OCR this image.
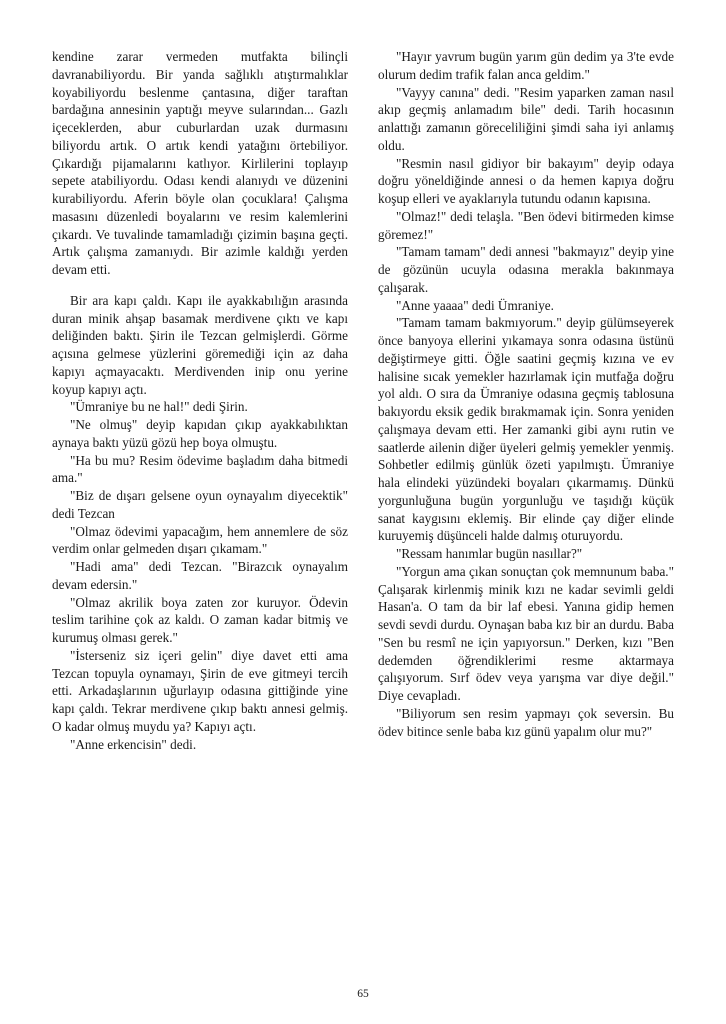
kendine zarar vermeden mutfakta bilinçli davranabiliyordu. Bir yanda sağlıklı atıştırmalıklar koyabiliyordu beslenme çantasına, diğer taraftan bardağına annesinin yaptığı meyve sularından... Gazlı içeceklerden, abur cuburlardan uzak durmasını biliyordu artık. O artık kendi yatağını örtebiliyor. Çıkardığı pijamalarını katlıyor. Kirlilerini toplayıp sepete atabiliyordu. Odası kendi alanıydı ve düzenini kurabiliyordu. Aferin böyle olan çocuklara! Çalışma masasını düzenledi boyalarını ve resim kalemlerini çıkardı. Ve tuvalinde tamamladığı çizimin başına geçti. Artık çalışma zamanıydı. Bir azimle kaldığı yerden devam etti.

Bir ara kapı çaldı. Kapı ile ayakkabılığın arasında duran minik ahşap basamak merdivene çıktı ve kapı deliğinden baktı. Şirin ile Tezcan gelmişlerdi. Görme açısına gelmese yüzlerini göremediği için az daha kapıyı açmayacaktı. Merdivenden inip onu yerine koyup kapıyı açtı.

"Ümraniye bu ne hal!" dedi Şirin.

"Ne olmuş" deyip kapıdan çıkıp ayakkabılıktan aynaya baktı yüzü gözü hep boya olmuştu.

"Ha bu mu? Resim ödevime başladım daha bitmedi ama."

"Biz de dışarı gelsene oyun oynayalım diyecektik" dedi Tezcan

"Olmaz ödevimi yapacağım, hem annemlere de söz verdim onlar gelmeden dışarı çıkamam."

"Hadi ama" dedi Tezcan. "Birazcık oynayalım devam edersin."

"Olmaz akrilik boya zaten zor kuruyor. Ödevin teslim tarihine çok az kaldı. O zaman kadar bitmiş ve kurumuş olması gerek."

"İsterseniz siz içeri gelin" diye davet etti ama Tezcan topuyla oynamayı, Şirin de eve gitmeyi tercih etti. Arkadaşlarının uğurlayıp odasına gittiğinde yine kapı çaldı. Tekrar merdivene çıkıp baktı annesi gelmiş. O kadar olmuş muydu ya? Kapıyı açtı.

"Anne erkencisin" dedi.

"Hayır yavrum bugün yarım gün dedim ya 3'te evde olurum dedim trafik falan anca geldim."

"Vayyy canına" dedi. "Resim yaparken zaman nasıl akıp geçmiş anlamadım bile" dedi. Tarih hocasının anlattığı zamanın göreceliliğini şimdi saha iyi anlamış oldu.

"Resmin nasıl gidiyor bir bakayım" deyip odaya doğru yöneldiğinde annesi o da hemen kapıya doğru koşup elleri ve ayaklarıyla tutundu odanın kapısına.

"Olmaz!" dedi telaşla. "Ben ödevi bitirmeden kimse göremez!"

"Tamam tamam" dedi annesi "bakmayız" deyip yine de gözünün ucuyla odasına merakla bakınmaya çalışarak.

"Anne yaaaa" dedi Ümraniye.

"Tamam tamam bakmıyorum." deyip gülümseyerek önce banyoya ellerini yıkamaya sonra odasına üstünü değiştirmeye gitti. Öğle saatini geçmiş kızına ve ev halisine sıcak yemekler hazırlamak için mutfağa doğru yol aldı. O sıra da Ümraniye odasına geçmiş tablosuna bakıyordu eksik gedik bırakmamak için. Sonra yeniden çalışmaya devam etti. Her zamanki gibi aynı rutin ve saatlerde ailenin diğer üyeleri gelmiş yemekler yenmiş. Sohbetler edilmiş günlük özeti yapılmıştı. Ümraniye hala elindeki yüzündeki boyaları çıkarmamış. Dünkü yorgunluğuna bugün yorgunluğu ve taşıdığı küçük sanat kaygısını eklemiş. Bir elinde çay diğer elinde kuruyemiş düşünceli halde dalmış oturuyordu.

"Ressam hanımlar bugün nasıllar?"

"Yorgun ama çıkan sonuçtan çok memnunum baba." Çalışarak kirlenmiş minik kızı ne kadar sevimli geldi Hasan'a. O tam da bir laf ebesi. Yanına gidip hemen sevdi sevdi durdu. Oynaşan baba kız bir an durdu. Baba "Sen bu resmî ne için yapıyorsun." Derken, kızı "Ben dedemden öğrendiklerimi resme aktarmaya çalışıyorum. Sırf ödev veya yarışma var diye değil." Diye cevapladı.

"Biliyorum sen resim yapmayı çok seversin. Bu ödev bitince senle baba kız günü yapalım olur mu?"

65
